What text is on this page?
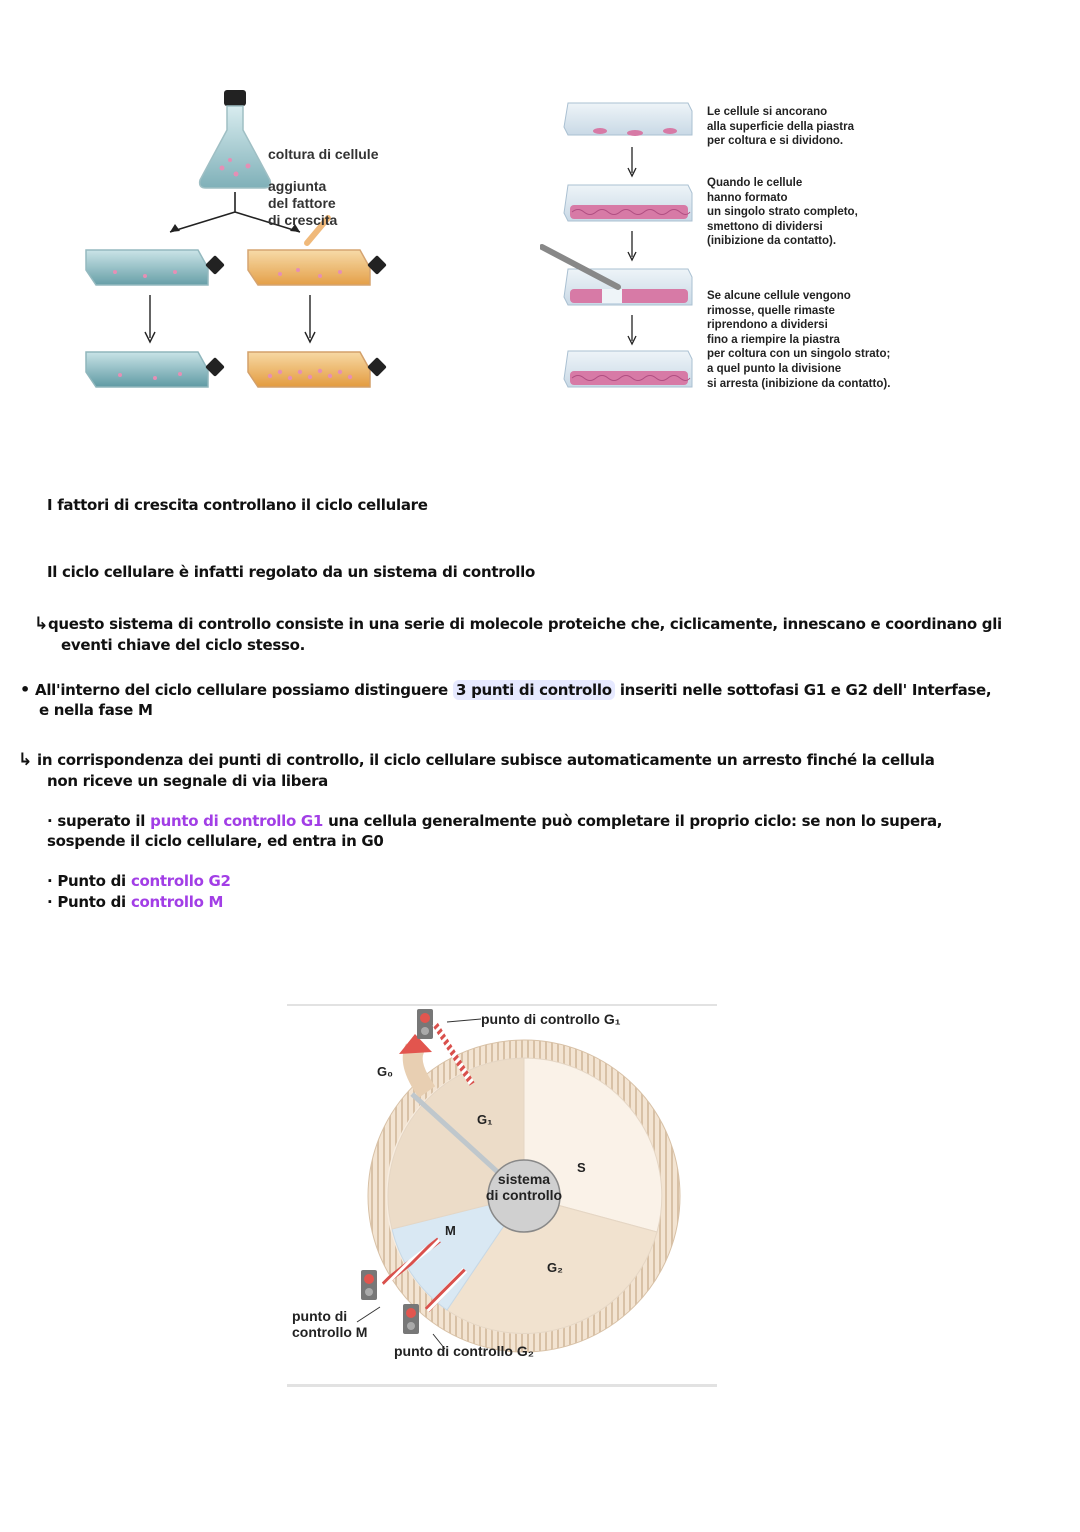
coltura di cellule
aggiunta
del fattore
di crescita
Le cellule si ancorano
alla superficie della piastra
per coltura e si dividono.
Quando le cellule
hanno formato
un singolo strato completo,
smettono di dividersi
(inibizione da contatto).
Se alcune cellule vengono
rimosse, quelle rimaste
riprendono a dividersi
fino a riempire la piastra
per coltura con un singolo strato;
a quel punto la divisione
si arresta (inibizione da contatto).
I fattori di crescita controllano il ciclo cellulare
Il ciclo cellulare è infatti regolato da un sistema di controllo
↳questo sistema di controllo consiste in una serie di molecole proteiche che, ciclicamente, innescano e coordinano gli
eventi chiave del ciclo stesso.
• All'interno del ciclo cellulare possiamo distinguere 3 punti di controllo inseriti nelle sottofasi G1 e G2 dell' Interfase,
e nella fase M
↳ in corrispondenza dei punti di controllo, il ciclo cellulare subisce automaticamente un arresto finché la cellula
non riceve un segnale di via libera
· superato il punto di controllo G1 una cellula generalmente può completare il proprio ciclo: se non lo supera,
sospende il ciclo cellulare, ed entra in G0
· Punto di controllo G2
· Punto di controllo M
punto di controllo G₁
G₀
G₁
S
G₂
M
sistema
di controllo
punto di
controllo M
punto di controllo G₂
